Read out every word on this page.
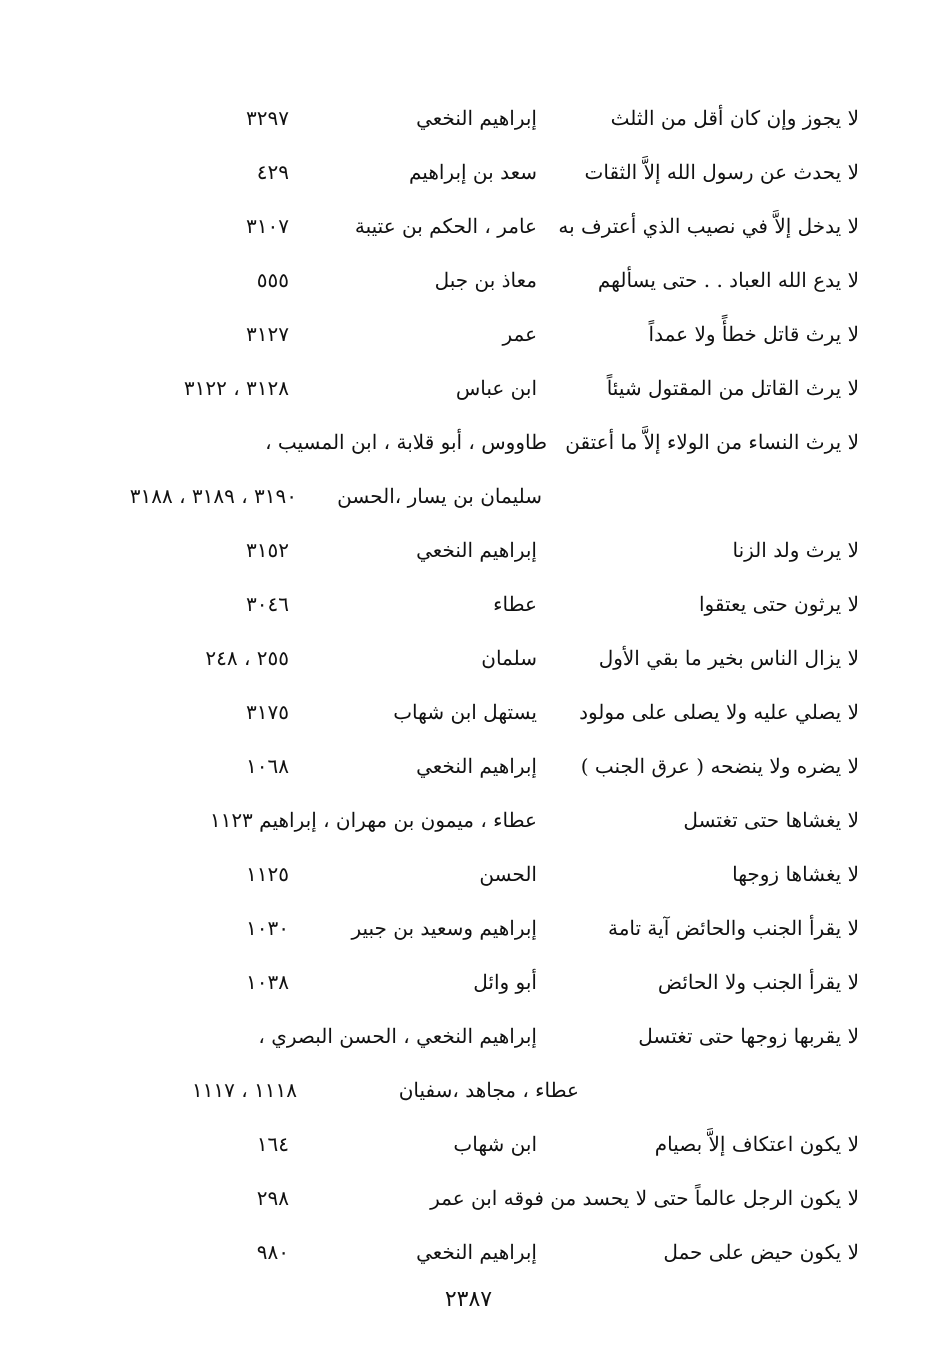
لا يجوز وإن كان أقل من الثلث
إبراهيم النخعي
٣٢٩٧
لا يحدث عن رسول الله إلاَّ الثقات
سعد بن إبراهيم
٤٢٩
لا يدخل إلاَّ في نصيب الذي أعترف به
عامر ، الحكم بن عتيبة
٣١٠٧
لا يدع الله العباد . . حتى يسألهم
معاذ بن جبل
٥٥٥
لا يرث قاتل خطأً ولا عمداً
عمر
٣١٢٧
لا يرث القاتل من المقتول شيئاً
ابن عباس
٣١٢٨ ، ٣١٢٢
لا يرث النساء من الولاء إلاَّ ما أعتقن
طاووس ، أبو قلابة ، ابن المسيب ،
سليمان بن يسار ،الحسن
٣١٩٠ ، ٣١٨٩ ، ٣١٨٨
لا يرث ولد الزنا
إبراهيم النخعي
٣١٥٢
لا يرثون حتى يعتقوا
عطاء
٣٠٤٦
لا يزال الناس بخير ما بقي الأول
سلمان
٢٥٥ ، ٢٤٨
لا يصلي عليه ولا يصلى على مولود
يستهل ابن شهاب
٣١٧٥
لا يضره ولا ينضحه ( عرق الجنب )
إبراهيم النخعي
١٠٦٨
لا يغشاها حتى تغتسل
عطاء ، ميمون بن مهران ، إبراهيم ١١٢٣
لا يغشاها زوجها
الحسن
١١٢٥
لا يقرأ الجنب والحائض آية تامة
إبراهيم وسعيد بن جبير
١٠٣٠
لا يقرأ الجنب ولا الحائض
أبو وائل
١٠٣٨
لا يقربها زوجها حتى تغتسل
إبراهيم النخعي ، الحسن البصري ،
عطاء ، مجاهد ،سفيان
١١١٨ ، ١١١٧
لا يكون اعتكاف إلاَّ بصيام
ابن شهاب
١٦٤
لا يكون الرجل عالماً حتى لا يحسد من فوقه ابن عمر
٢٩٨
لا يكون حيض على حمل
إبراهيم النخعي
٩٨٠
٢٣٨٧
